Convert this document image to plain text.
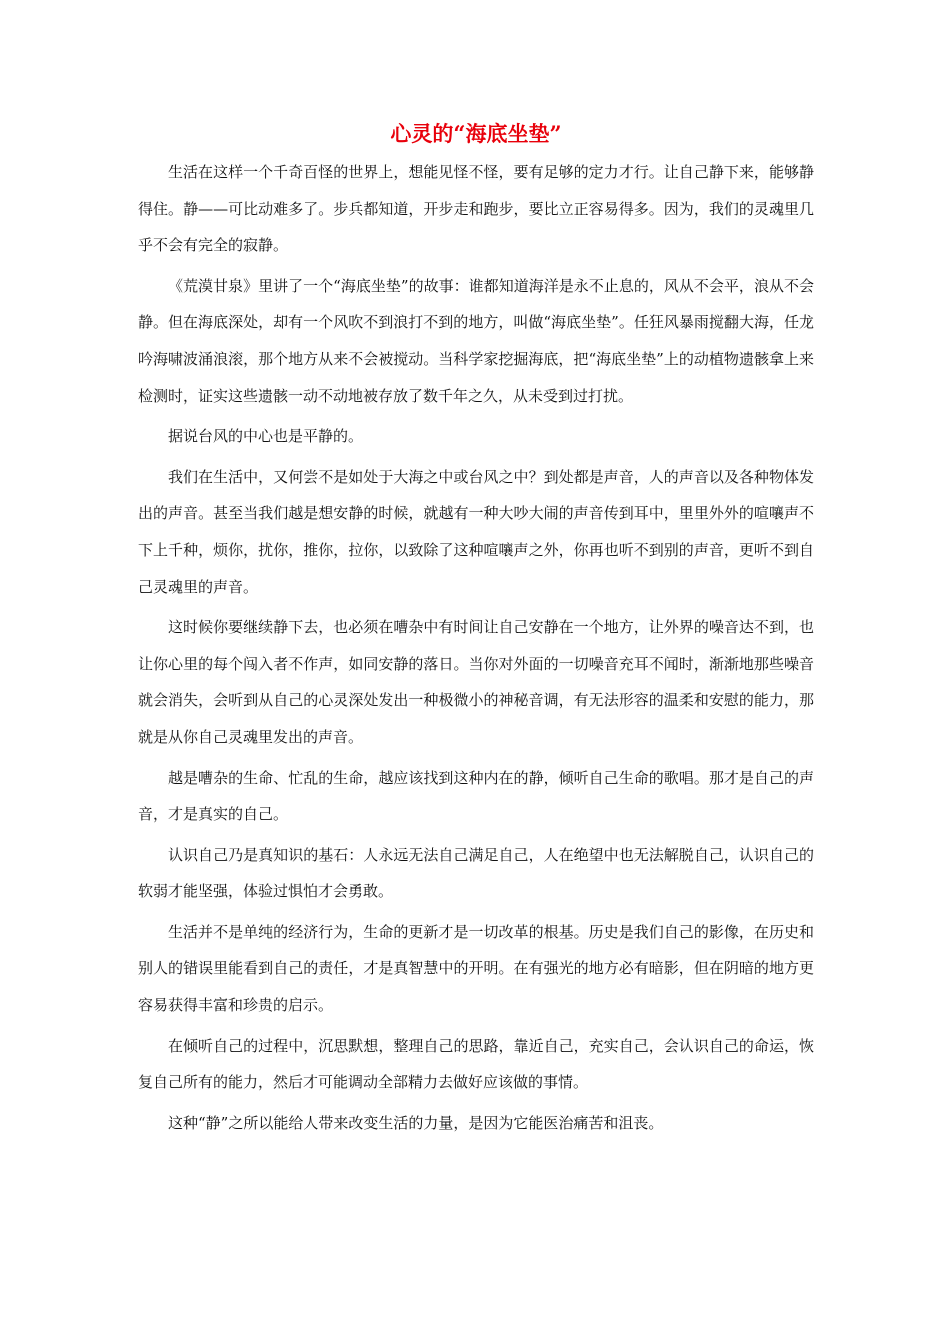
心灵的“海底坐垫”

生活在这样一个千奇百怪的世界上，想能见怪不怪，要有足够的定力才行。让自己静下来，能够静得住。静——可比动难多了。步兵都知道，开步走和跑步，要比立正容易得多。因为，我们的灵魂里几乎不会有完全的寂静。

《荒漠甘泉》里讲了一个“海底坐垫”的故事：谁都知道海洋是永不止息的，风从不会平，浪从不会静。但在海底深处，却有一个风吹不到浪打不到的地方，叫做“海底坐垫”。任狂风暴雨搅翻大海，任龙吟海啸波涌浪滚，那个地方从来不会被搅动。当科学家挖掘海底，把“海底坐垫”上的动植物遗骸拿上来检测时，证实这些遗骸一动不动地被存放了数千年之久，从未受到过打扰。

据说台风的中心也是平静的。

我们在生活中，又何尝不是如处于大海之中或台风之中？到处都是声音，人的声音以及各种物体发出的声音。甚至当我们越是想安静的时候，就越有一种大吵大闹的声音传到耳中，里里外外的喧嚷声不下上千种，烦你，扰你，推你，拉你，以致除了这种喧嚷声之外，你再也听不到别的声音，更听不到自己灵魂里的声音。

这时候你要继续静下去，也必须在嘈杂中有时间让自己安静在一个地方，让外界的噪音达不到，也让你心里的每个闯入者不作声，如同安静的落日。当你对外面的一切噪音充耳不闻时，渐渐地那些噪音就会消失，会听到从自己的心灵深处发出一种极微小的神秘音调，有无法形容的温柔和安慰的能力，那就是从你自己灵魂里发出的声音。

越是嘈杂的生命、忙乱的生命，越应该找到这种内在的静，倾听自己生命的歌唱。那才是自己的声音，才是真实的自己。

认识自己乃是真知识的基石：人永远无法自己满足自己，人在绝望中也无法解脱自己，认识自己的软弱才能坚强，体验过惧怕才会勇敢。

生活并不是单纯的经济行为，生命的更新才是一切改革的根基。历史是我们自己的影像，在历史和别人的错误里能看到自己的责任，才是真智慧中的开明。在有强光的地方必有暗影，但在阴暗的地方更容易获得丰富和珍贵的启示。

在倾听自己的过程中，沉思默想，整理自己的思路，靠近自己，充实自己，会认识自己的命运，恢复自己所有的能力，然后才可能调动全部精力去做好应该做的事情。

这种“静”之所以能给人带来改变生活的力量，是因为它能医治痛苦和沮丧。
